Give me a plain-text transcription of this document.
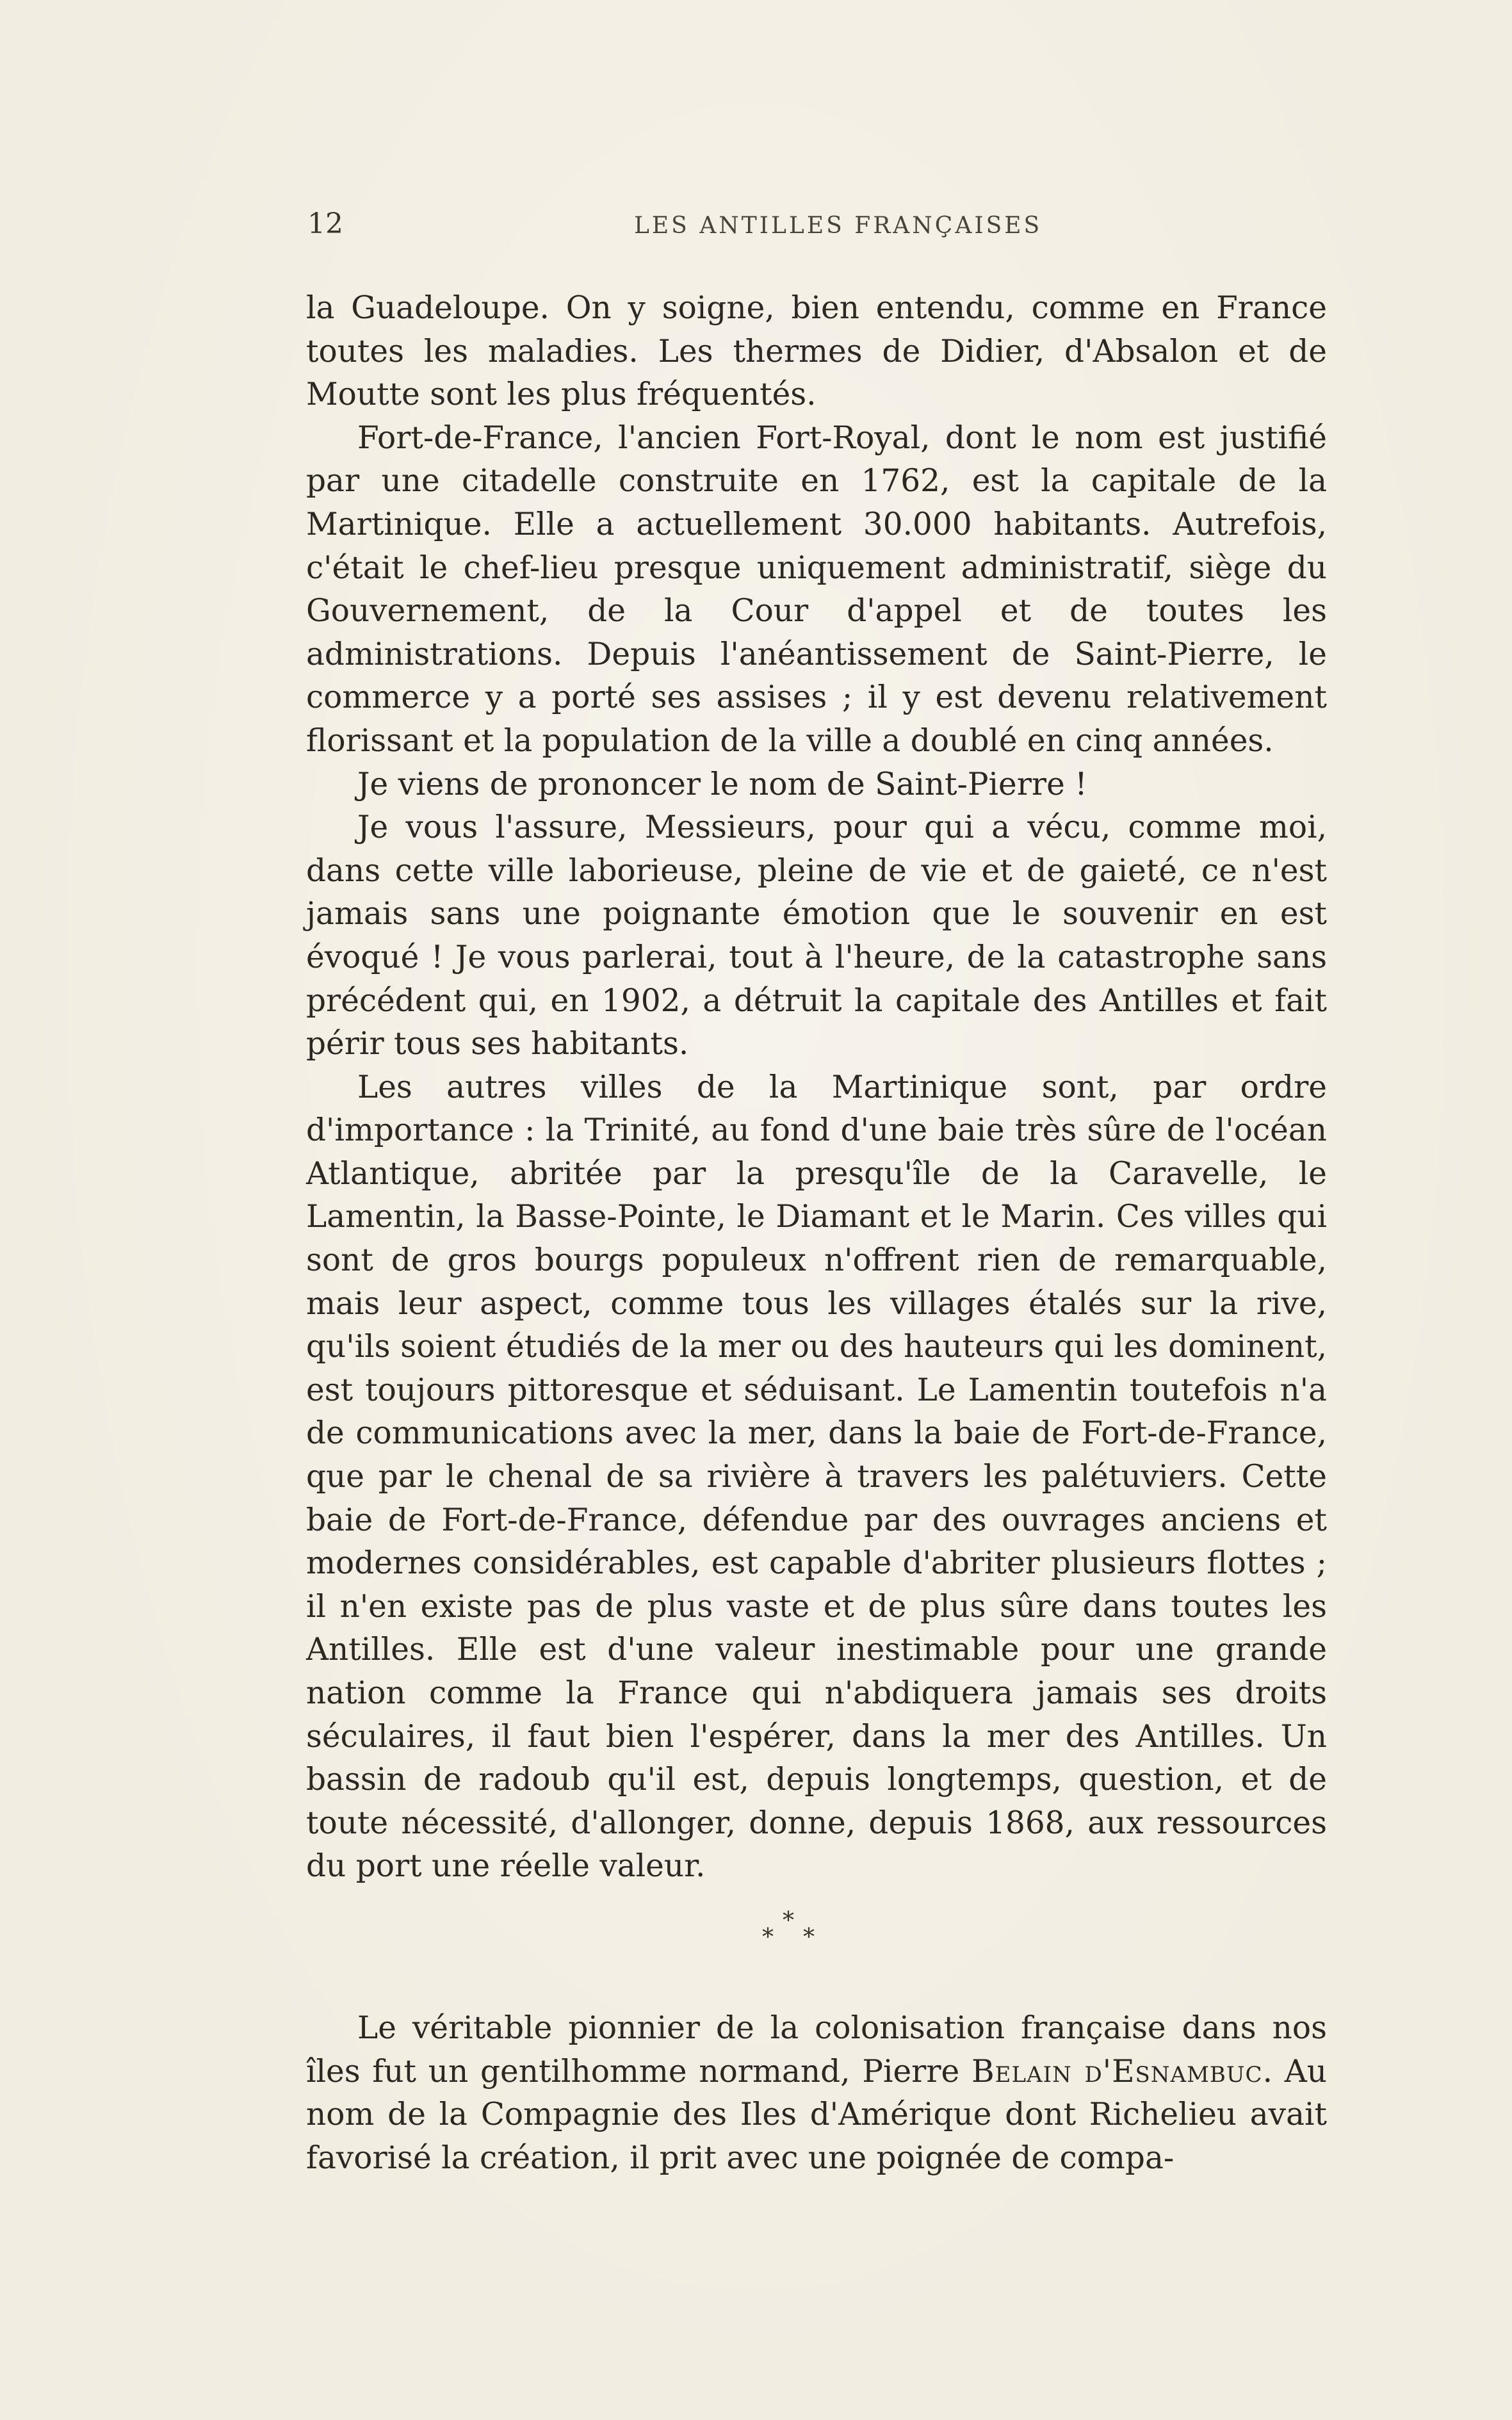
12	LES ANTILLES FRANÇAISES

la Guadeloupe. On y soigne, bien entendu, comme en France toutes les maladies. Les thermes de Didier, d'Absalon et de Moutte sont les plus fréquentés.

Fort-de-France, l'ancien Fort-Royal, dont le nom est justifié par une citadelle construite en 1762, est la capitale de la Martinique. Elle a actuellement 30.000 habitants. Autrefois, c'était le chef-lieu presque uniquement administratif, siège du Gouvernement, de la Cour d'appel et de toutes les administrations. Depuis l'anéantissement de Saint-Pierre, le commerce y a porté ses assises ; il y est devenu relativement florissant et la population de la ville a doublé en cinq années.

Je viens de prononcer le nom de Saint-Pierre !

Je vous l'assure, Messieurs, pour qui a vécu, comme moi, dans cette ville laborieuse, pleine de vie et de gaieté, ce n'est jamais sans une poignante émotion que le souvenir en est évoqué ! Je vous parlerai, tout à l'heure, de la catastrophe sans précédent qui, en 1902, a détruit la capitale des Antilles et fait périr tous ses habitants.

Les autres villes de la Martinique sont, par ordre d'importance : la Trinité, au fond d'une baie très sûre de l'océan Atlantique, abritée par la presqu'île de la Caravelle, le Lamentin, la Basse-Pointe, le Diamant et le Marin. Ces villes qui sont de gros bourgs populeux n'offrent rien de remarquable, mais leur aspect, comme tous les villages étalés sur la rive, qu'ils soient étudiés de la mer ou des hauteurs qui les dominent, est toujours pittoresque et séduisant. Le Lamentin toutefois n'a de communications avec la mer, dans la baie de Fort-de-France, que par le chenal de sa rivière à travers les palétuviers. Cette baie de Fort-de-France, défendue par des ouvrages anciens et modernes considérables, est capable d'abriter plusieurs flottes ; il n'en existe pas de plus vaste et de plus sûre dans toutes les Antilles. Elle est d'une valeur inestimable pour une grande nation comme la France qui n'abdiquera jamais ses droits séculaires, il faut bien l'espérer, dans la mer des Antilles. Un bassin de radoub qu'il est, depuis longtemps, question, et de toute nécessité, d'allonger, donne, depuis 1868, aux ressources du port une réelle valeur.

*
* *

Le véritable pionnier de la colonisation française dans nos îles fut un gentilhomme normand, Pierre Belain d'Esnambuc. Au nom de la Compagnie des Iles d'Amérique dont Richelieu avait favorisé la création, il prit avec une poignée de compa-
